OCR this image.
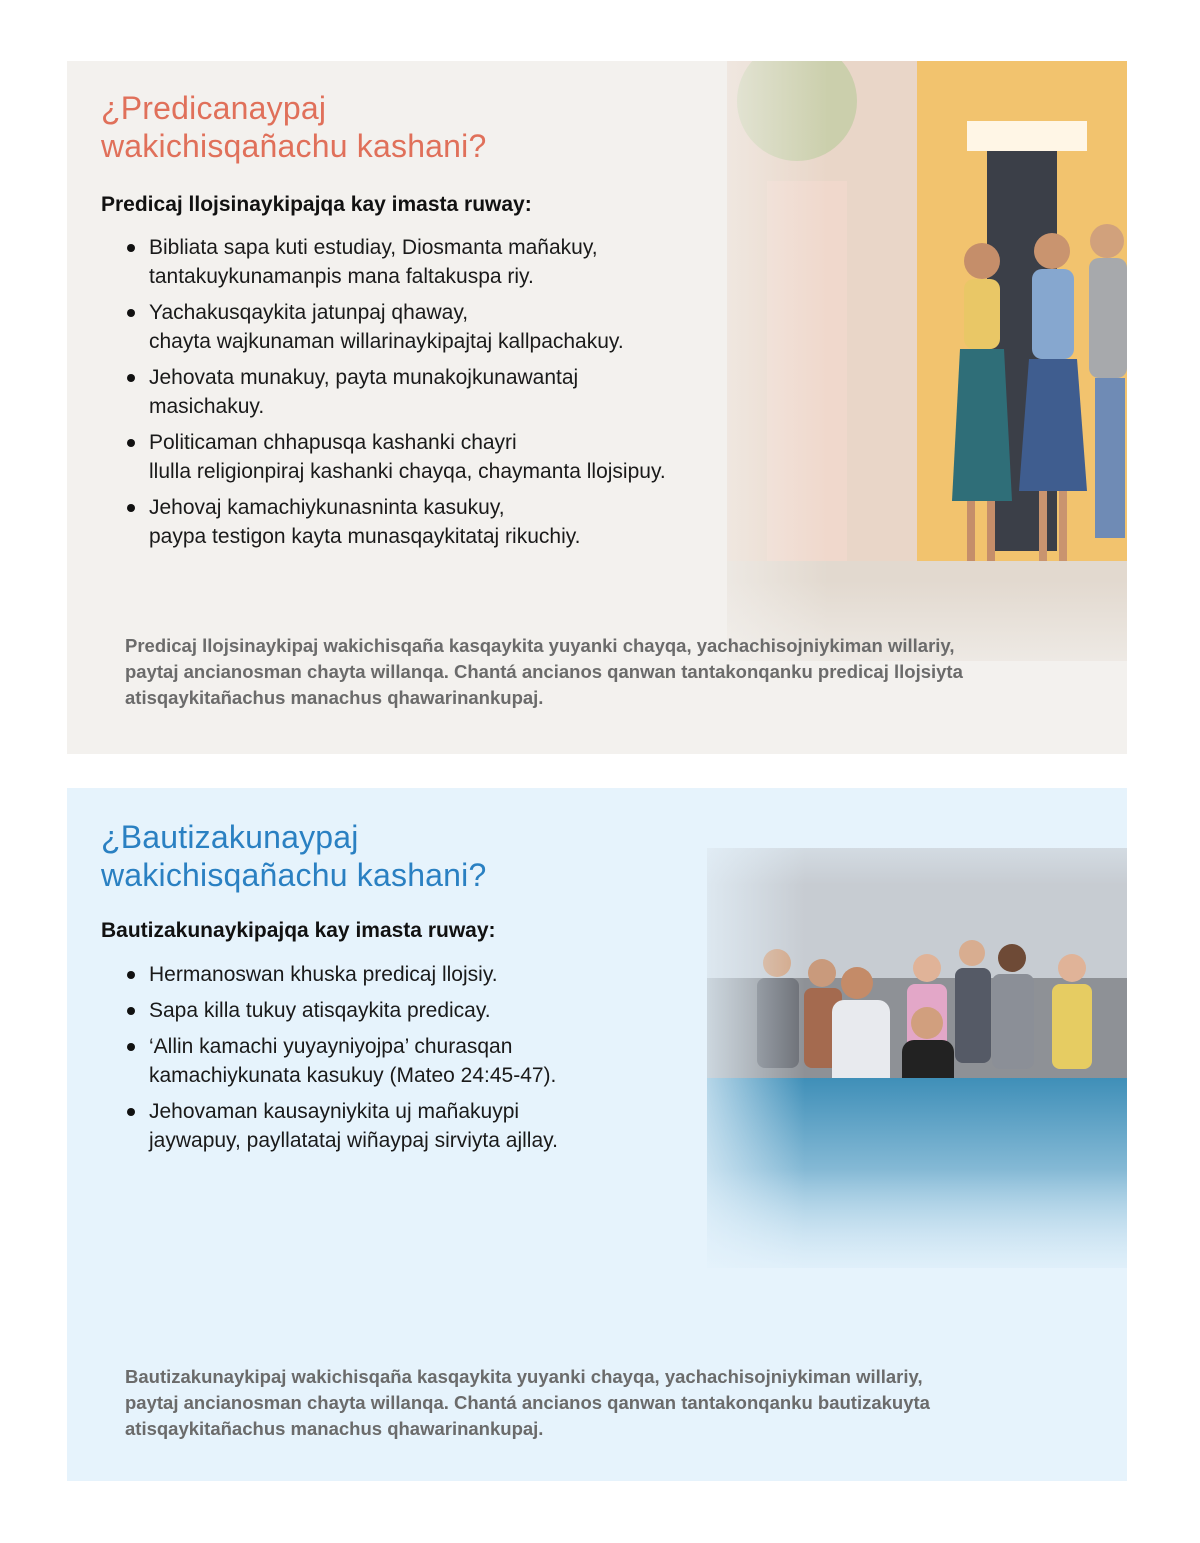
¿Predicanaypaj
wakichisqañachu kashani?
Predicaj llojsinaykipajqa kay imasta ruway:
Bibliata sapa kuti estudiay, Diosmanta mañakuy,
tantakuykunamanpis mana faltakuspa riy.
Yachakusqaykita jatunpaj qhaway,
chayta wajkunaman willarinaykipajtaj kallpachakuy.
Jehovata munakuy, payta munakojkunawantaj
masichakuy.
Politicaman chhapusqa kashanki chayri
llulla religionpiraj kashanki chayqa, chaymanta llojsipuy.
Jehovaj kamachiykunasninta kasukuy,
paypa testigon kayta munasqaykitataj rikuchiy.

Predicaj llojsinaykipaj wakichisqaña kasqaykita yuyanki chayqa, yachachisojniykiman willariy,
paytaj ancianosman chayta willanqa. Chantá ancianos qanwan tantakonqanku predicaj llojsiyta
atisqaykitañachus manachus qhawarinankupaj.

¿Bautizakunaypaj
wakichisqañachu kashani?
Bautizakunaykipajqa kay imasta ruway:
Hermanoswan khuska predicaj llojsiy.
Sapa killa tukuy atisqaykita predicay.
‘Allin kamachi yuyayniyojpa’ churasqan
kamachiykunata kasukuy (Mateo 24:45-47).
Jehovaman kausayniykita uj mañakuypi
jaywapuy, payllatataj wiñaypaj sirviyta ajllay.

Bautizakunaykipaj wakichisqaña kasqaykita yuyanki chayqa, yachachisojniykiman willariy,
paytaj ancianosman chayta willanqa. Chantá ancianos qanwan tantakonqanku bautizakuyta
atisqaykitañachus manachus qhawarinankupaj.
